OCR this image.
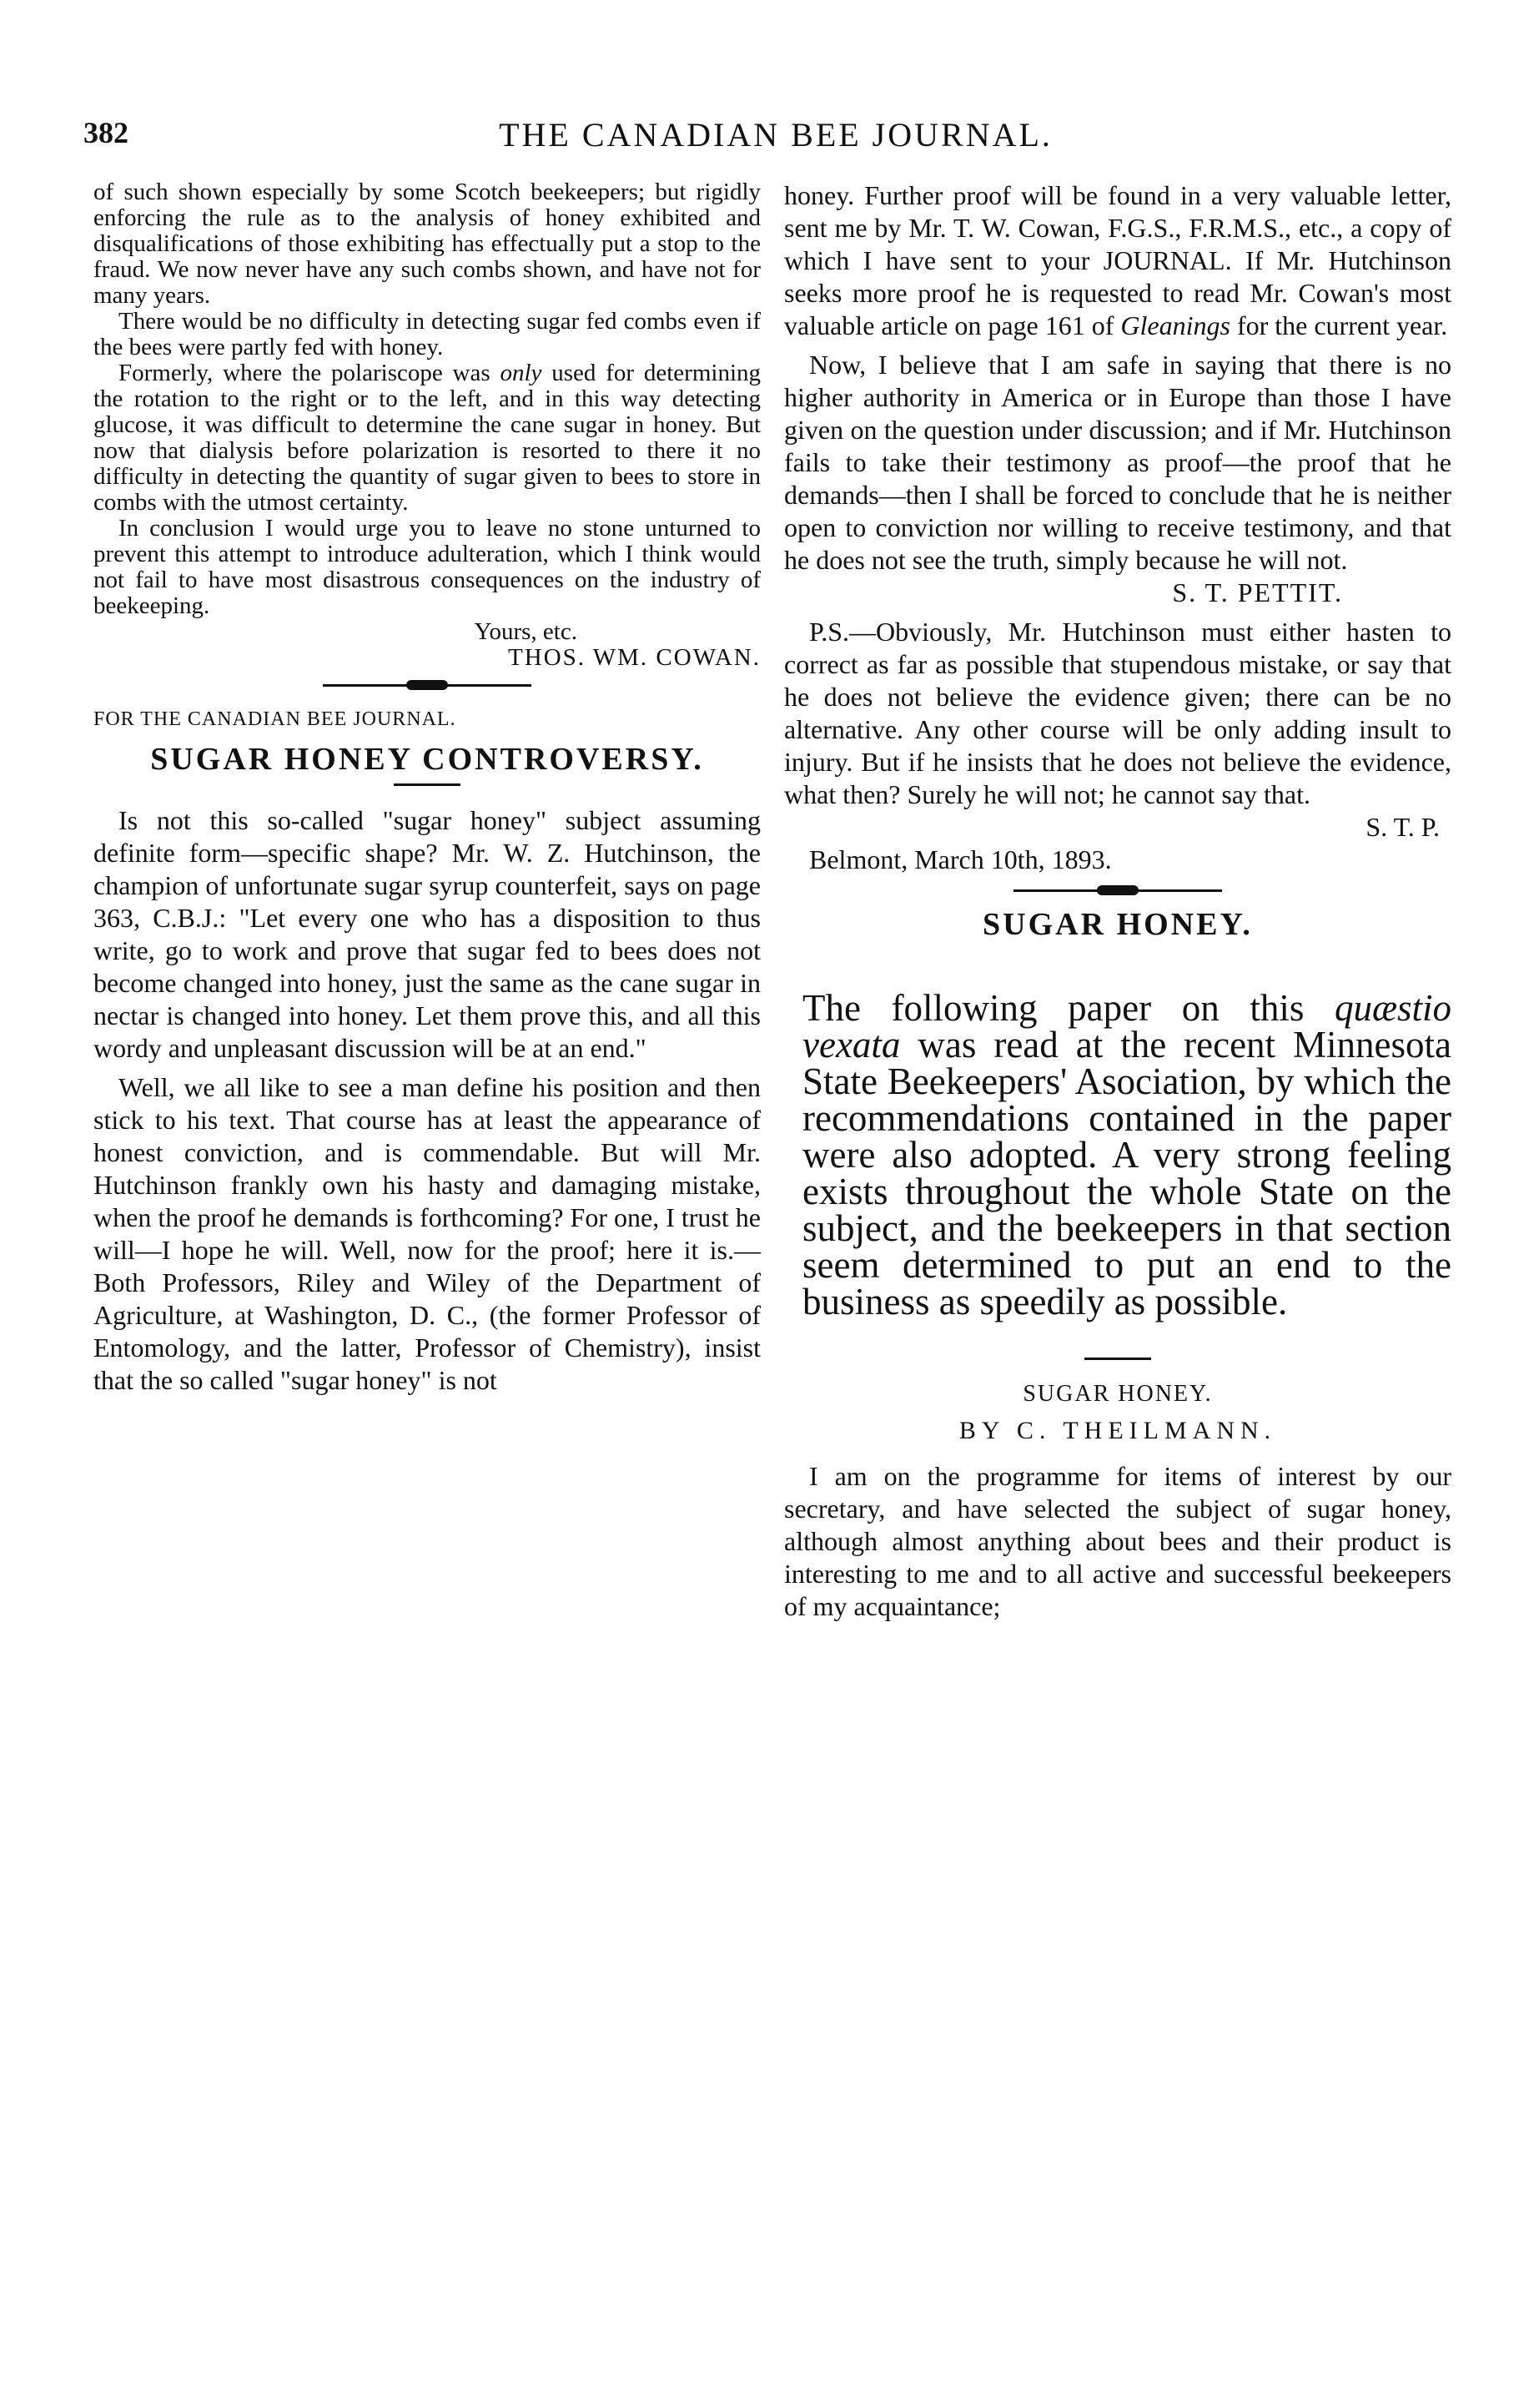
382	THE CANADIAN BEE JOURNAL.

of such shown especially by some Scotch beekeepers; but rigidly enforcing the rule as to the analysis of honey exhibited and disqualifications of those exhibiting has effectually put a stop to the fraud. We now never have any such combs shown, and have not for many years.

There would be no difficulty in detecting sugar fed combs even if the bees were partly fed with honey.

Formerly, where the polariscope was only used for determining the rotation to the right or to the left, and in this way detecting glucose, it was difficult to determine the cane sugar in honey. But now that dialysis before polarization is resorted to there it no difficulty in detecting the quantity of sugar given to bees to store in combs with the utmost certainty.

In conclusion I would urge you to leave no stone unturned to prevent this attempt to introduce adulteration, which I think would not fail to have most disastrous consequences on the industry of beekeeping.

Yours, etc.

THOS. WM. COWAN.

FOR THE CANADIAN BEE JOURNAL.

SUGAR HONEY CONTROVERSY.

Is not this so-called "sugar honey" subject assuming definite form—specific shape? Mr. W. Z. Hutchinson, the champion of unfortunate sugar syrup counterfeit, says on page 363, C.B.J.: "Let every one who has a disposition to thus write, go to work and prove that sugar fed to bees does not become changed into honey, just the same as the cane sugar in nectar is changed into honey. Let them prove this, and all this wordy and unpleasant discussion will be at an end."

Well, we all like to see a man define his position and then stick to his text. That course has at least the appearance of honest conviction, and is commendable. But will Mr. Hutchinson frankly own his hasty and damaging mistake, when the proof he demands is forthcoming? For one, I trust he will—I hope he will. Well, now for the proof; here it is.—Both Professors, Riley and Wiley of the Department of Agriculture, at Washington, D. C., (the former Professor of Entomology, and the latter, Professor of Chemistry), insist that the so called "sugar honey" is not

honey. Further proof will be found in a very valuable letter, sent me by Mr. T. W. Cowan, F.G.S., F.R.M.S., etc., a copy of which I have sent to your JOURNAL. If Mr. Hutchinson seeks more proof he is requested to read Mr. Cowan's most valuable article on page 161 of Gleanings for the current year.

Now, I believe that I am safe in saying that there is no higher authority in America or in Europe than those I have given on the question under discussion; and if Mr. Hutchinson fails to take their testimony as proof—the proof that he demands—then I shall be forced to conclude that he is neither open to conviction nor willing to receive testimony, and that he does not see the truth, simply because he will not.

S. T. PETTIT.

P.S.—Obviously, Mr. Hutchinson must either hasten to correct as far as possible that stupendous mistake, or say that he does not believe the evidence given; there can be no alternative. Any other course will be only adding insult to injury. But if he insists that he does not believe the evidence, what then? Surely he will not; he cannot say that.

S. T. P.

Belmont, March 10th, 1893.

SUGAR HONEY.

The following paper on this quæstio vexata was read at the recent Minnesota State Beekeepers' Asociation, by which the recommendations contained in the paper were also adopted. A very strong feeling exists throughout the whole State on the subject, and the beekeepers in that section seem determined to put an end to the business as speedily as possible.

SUGAR HONEY.

BY C. THEILMANN.

I am on the programme for items of interest by our secretary, and have selected the subject of sugar honey, although almost anything about bees and their product is interesting to me and to all active and successful beekeepers of my acquaintance;
